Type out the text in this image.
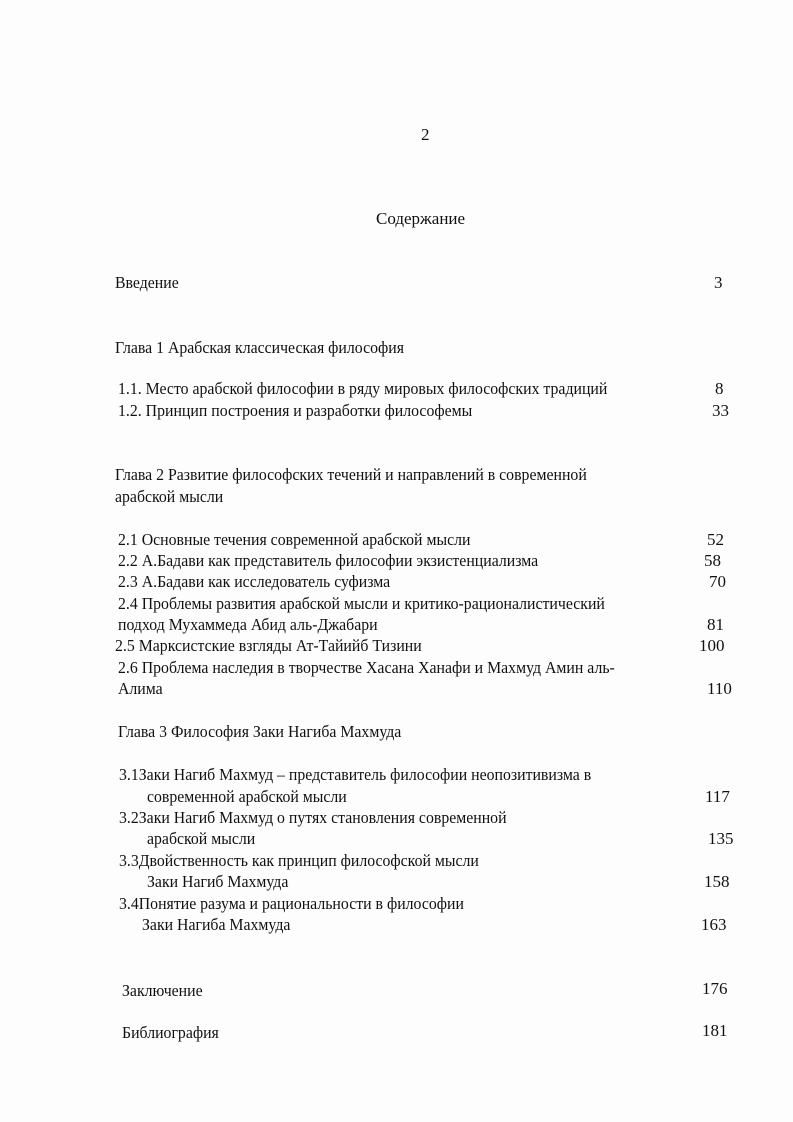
2
Содержание
Введение	3
Глава 1 Арабская классическая философия
1.1. Место арабской философии в ряду мировых философских традиций	8
1.2. Принцип построения и разработки философемы	33
Глава 2 Развитие философских течений и направлений в современной
арабской мысли
2.1 Основные течения современной арабской мысли	52
2.2 А.Бадави как представитель философии экзистенциализма	58
2.3 А.Бадави как исследователь суфизма	70
2.4 Проблемы развития арабской мысли и критико-рационалистический
подход Мухаммеда Абид аль-Джабари	81
2.5 Марксистские взгляды Ат-Тайийб Тизини	100
2.6 Проблема наследия в творчестве Хасана Ханафи и Махмуд Амин аль-
Алима	110
Глава 3 Философия Заки Нагиба Махмуда
3.1Заки Нагиб Махмуд – представитель философии неопозитивизма в
современной арабской мысли	117
3.2Заки Нагиб Махмуд о путях становления современной
арабской мысли	135
3.3Двойственность как принцип философской мысли
Заки Нагиб Махмуда	158
3.4Понятие разума и рациональности в философии
Заки Нагиба Махмуда	163
Заключение	176
Библиография	181
